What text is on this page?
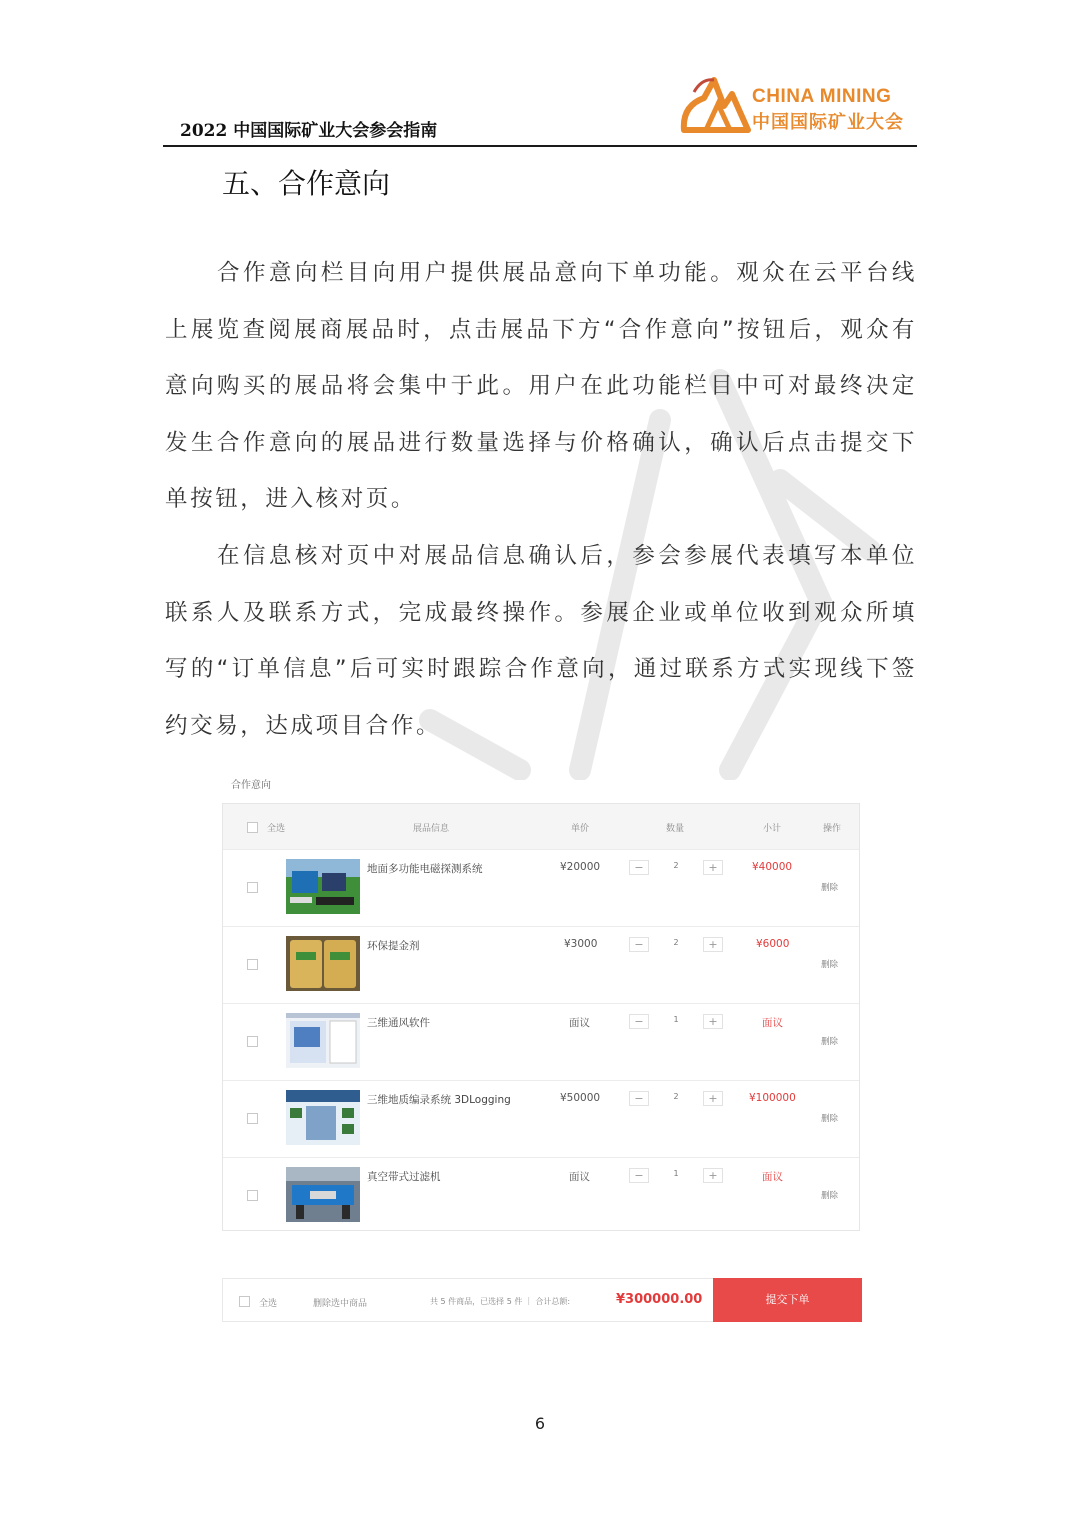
2022 中国国际矿业大会参会指南
CHINA MINING
中国国际矿业大会
五、合作意向

合作意向栏目向用户提供展品意向下单功能。观众在云平台线上展览查阅展商展品时，点击展品下方“合作意向”按钮后，观众有意向购买的展品将会集中于此。用户在此功能栏目中可对最终决定发生合作意向的展品进行数量选择与价格确认，确认后点击提交下单按钮，进入核对页。

在信息核对页中对展品信息确认后，参会参展代表填写本单位联系人及联系方式，完成最终操作。参展企业或单位收到观众所填写的“订单信息”后可实时跟踪合作意向，通过联系方式实现线下签约交易，达成项目合作。

合作意向
全选	展品信息	单价	数量	小计	操作
地面多功能电磁探测系统	¥20000	−	2	+	¥40000
删除
环保提金剂	¥3000	−	2	+	¥6000
删除
三维通风软件	面议	−	1	+	面议
删除
三维地质编录系统 3DLogging	¥50000	−	2	+	¥100000
删除
真空带式过滤机	面议	−	1	+	面议
删除
全选	删除选中商品	共 5 件商品，已选择 5 件 ｜ 合计总额:	¥300000.00	提交下单
6
